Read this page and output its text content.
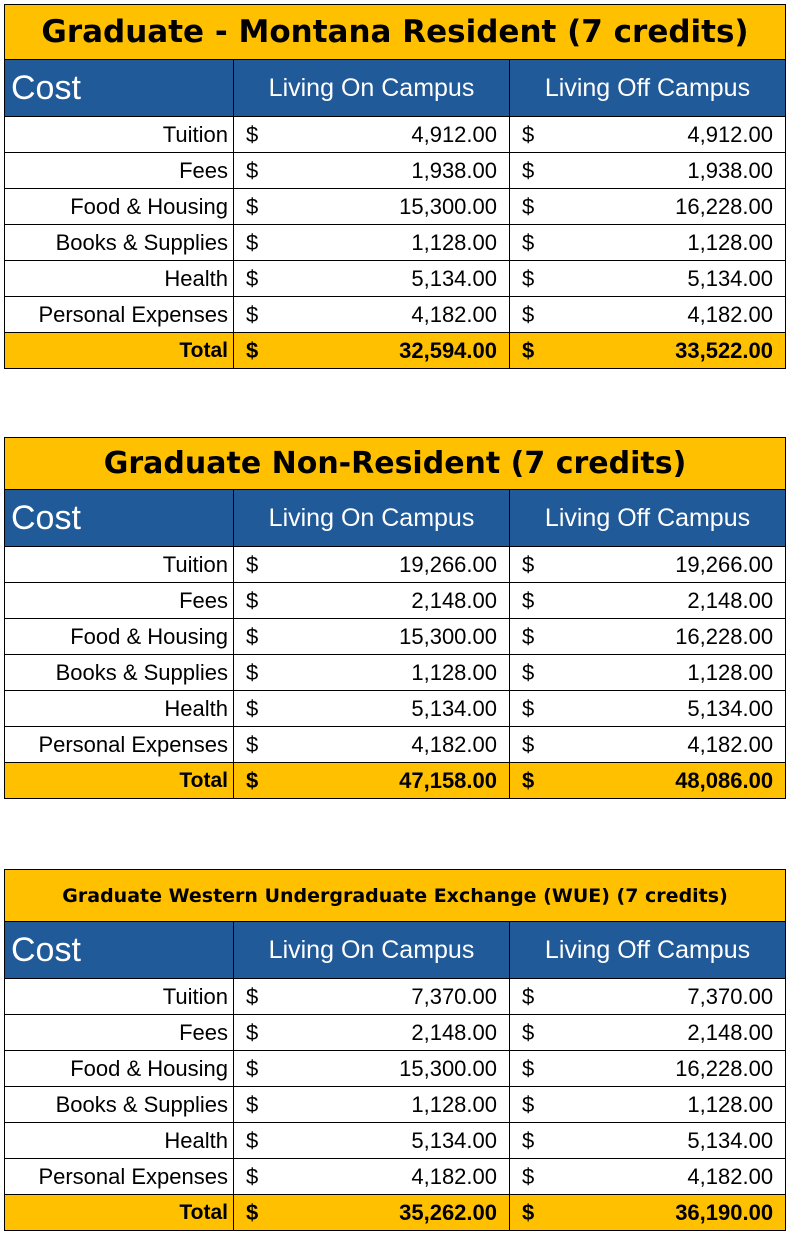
Graduate - Montana Resident (7 credits)				
Cost	Living On Campus		Living Off Campus	
Tuition	$	4,912.00	$	4,912.00
Fees	$	1,938.00	$	1,938.00
Food & Housing	$	15,300.00	$	16,228.00
Books & Supplies	$	1,128.00	$	1,128.00
Health	$	5,134.00	$	5,134.00
Personal Expenses	$	4,182.00	$	4,182.00
Total	$	32,594.00	$	33,522.00
Graduate Non-Resident (7 credits)				
Cost	Living On Campus		Living Off Campus	
Tuition	$	19,266.00	$	19,266.00
Fees	$	2,148.00	$	2,148.00
Food & Housing	$	15,300.00	$	16,228.00
Books & Supplies	$	1,128.00	$	1,128.00
Health	$	5,134.00	$	5,134.00
Personal Expenses	$	4,182.00	$	4,182.00
Total	$	47,158.00	$	48,086.00
Graduate Western Undergraduate Exchange (WUE) (7 credits)				
Cost	Living On Campus		Living Off Campus	
Tuition	$	7,370.00	$	7,370.00
Fees	$	2,148.00	$	2,148.00
Food & Housing	$	15,300.00	$	16,228.00
Books & Supplies	$	1,128.00	$	1,128.00
Health	$	5,134.00	$	5,134.00
Personal Expenses	$	4,182.00	$	4,182.00
Total	$	35,262.00	$	36,190.00
